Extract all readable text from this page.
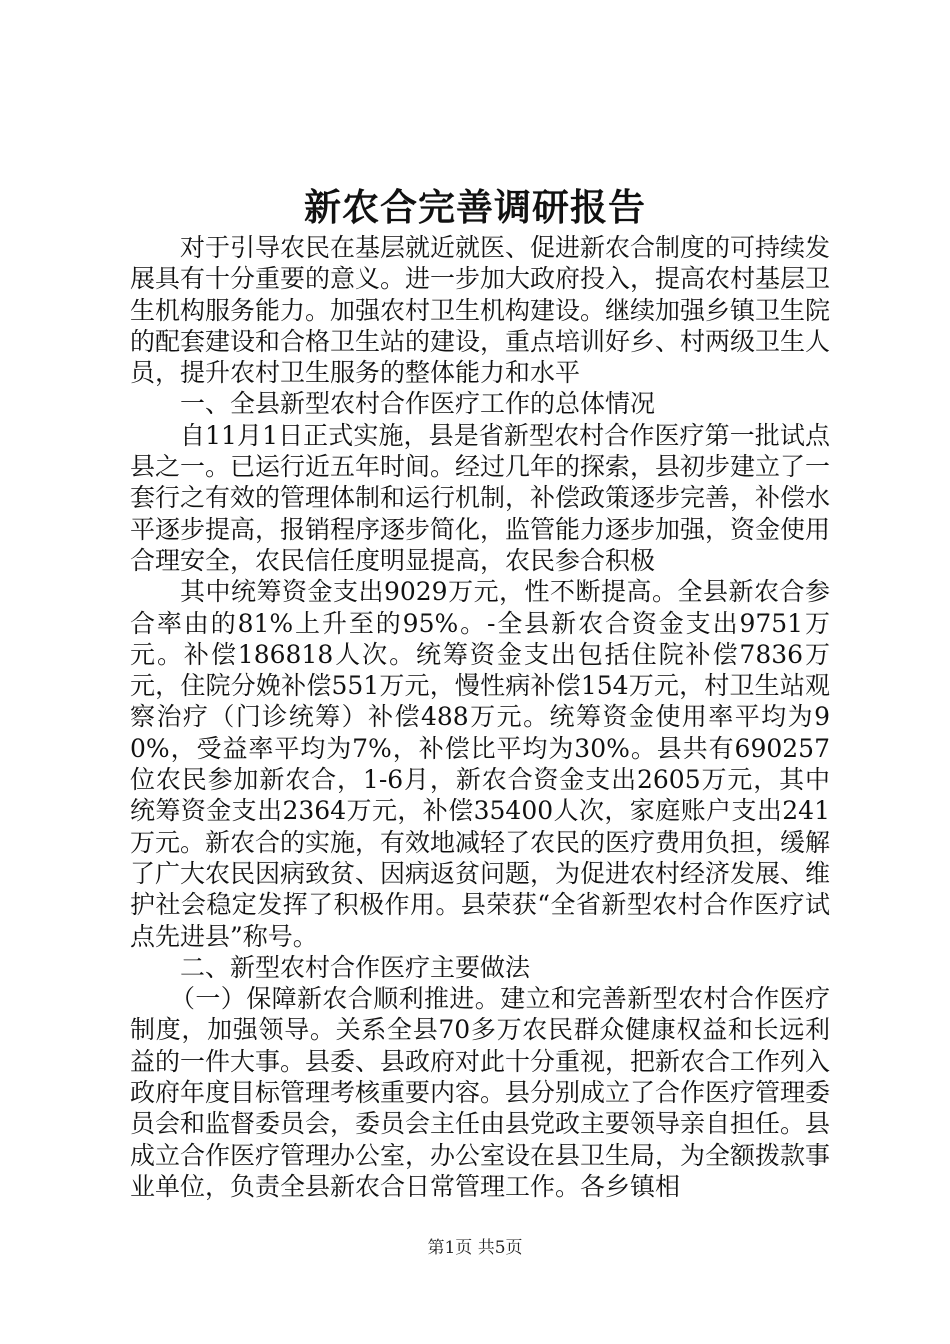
新农合完善调研报告

对于引导农民在基层就近就医、促进新农合制度的可持续发展具有十分重要的意义。进一步加大政府投入，提高农村基层卫生机构服务能力。加强农村卫生机构建设。继续加强乡镇卫生院的配套建设和合格卫生站的建设，重点培训好乡、村两级卫生人员，提升农村卫生服务的整体能力和水平

一、全县新型农村合作医疗工作的总体情况

自11月1日正式实施，县是省新型农村合作医疗第一批试点县之一。已运行近五年时间。经过几年的探索，县初步建立了一套行之有效的管理体制和运行机制，补偿政策逐步完善，补偿水平逐步提高，报销程序逐步简化，监管能力逐步加强，资金使用合理安全，农民信任度明显提高，农民参合积极

其中统筹资金支出9029万元，性不断提高。全县新农合参合率由的81%上升至的95%。-全县新农合资金支出9751万元。补偿186818人次。统筹资金支出包括住院补偿7836万元，住院分娩补偿551万元，慢性病补偿154万元，村卫生站观察治疗（门诊统筹）补偿488万元。统筹资金使用率平均为90%，受益率平均为7%，补偿比平均为30%。县共有690257位农民参加新农合，1-6月，新农合资金支出2605万元，其中统筹资金支出2364万元，补偿35400人次，家庭账户支出241万元。新农合的实施，有效地减轻了农民的医疗费用负担，缓解了广大农民因病致贫、因病返贫问题，为促进农村经济发展、维护社会稳定发挥了积极作用。县荣获“全省新型农村合作医疗试点先进县”称号。

二、新型农村合作医疗主要做法

（一）保障新农合顺利推进。建立和完善新型农村合作医疗制度，加强领导。关系全县70多万农民群众健康权益和长远利益的一件大事。县委、县政府对此十分重视，把新农合工作列入政府年度目标管理考核重要内容。县分别成立了合作医疗管理委员会和监督委员会，委员会主任由县党政主要领导亲自担任。县成立合作医疗管理办公室，办公室设在县卫生局，为全额拨款事业单位，负责全县新农合日常管理工作。各乡镇相

第1页 共5页
